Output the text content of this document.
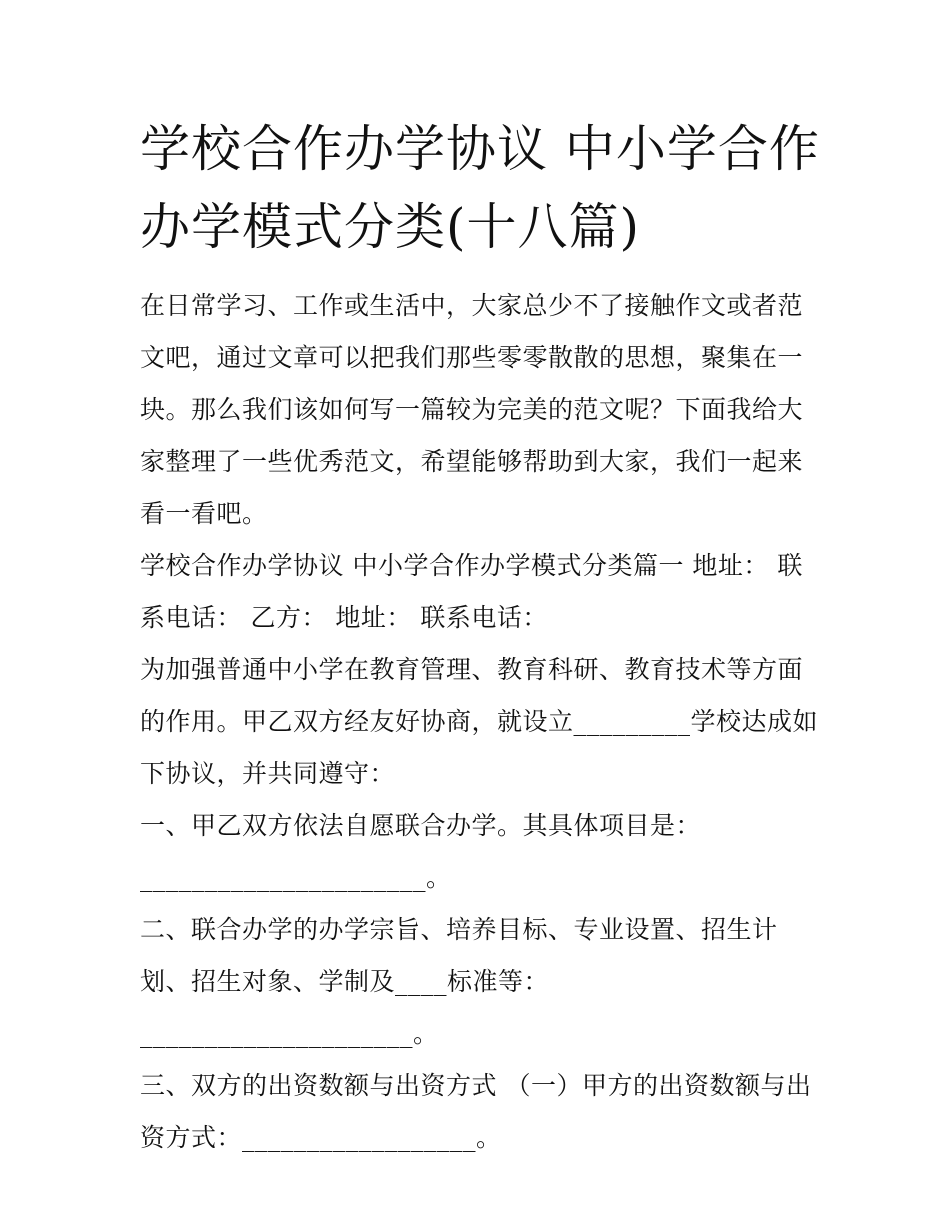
学校合作办学协议 中小学合作办学模式分类(十八篇)

在日常学习、工作或生活中，大家总少不了接触作文或者范文吧，通过文章可以把我们那些零零散散的思想，聚集在一块。那么我们该如何写一篇较为完美的范文呢？下面我给大家整理了一些优秀范文，希望能够帮助到大家，我们一起来看一看吧。

学校合作办学协议 中小学合作办学模式分类篇一 地址： 联系电话： 乙方： 地址： 联系电话：

为加强普通中小学在教育管理、教育科研、教育技术等方面的作用。甲乙双方经友好协商，就设立_________学校达成如下协议，并共同遵守：

一、甲乙双方依法自愿联合办学。其具体项目是：______________________。

二、联合办学的办学宗旨、培养目标、专业设置、招生计划、招生对象、学制及____标准等：_____________________。

三、双方的出资数额与出资方式 （一）甲方的出资数额与出资方式：__________________。
